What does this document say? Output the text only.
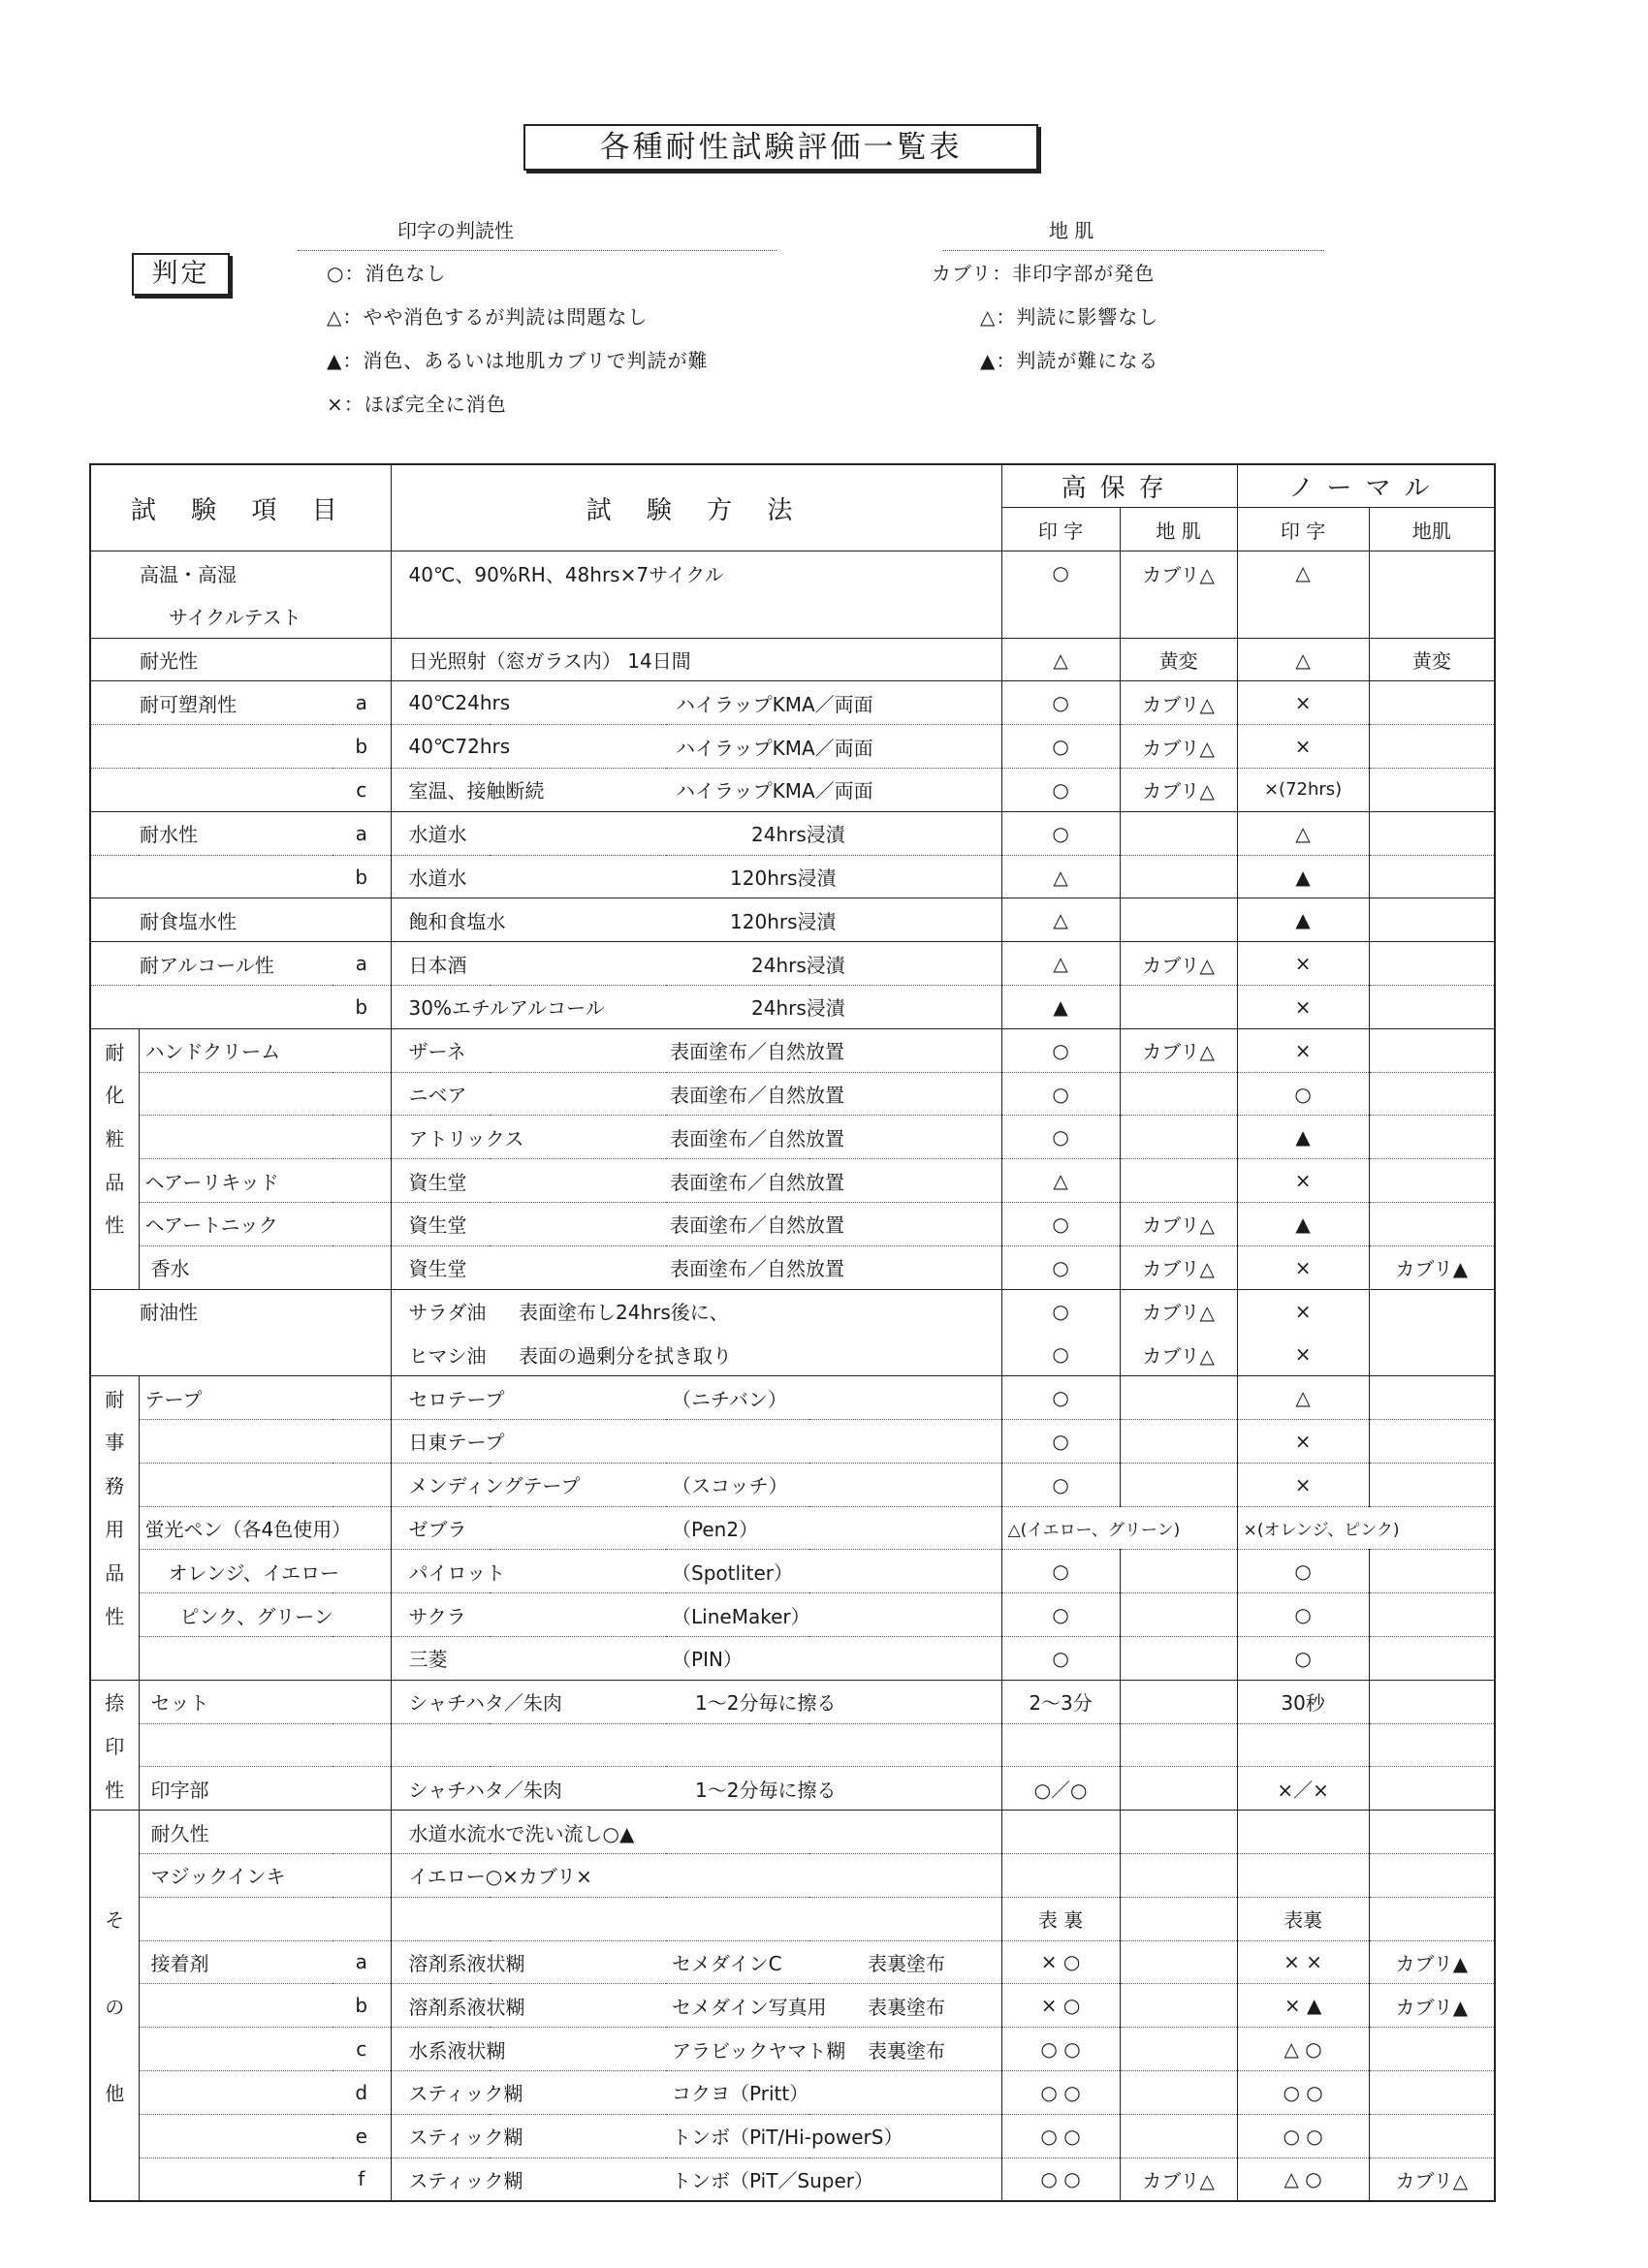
各種耐性試験評価一覧表
印字の判読性	地 肌
判定	○：消色なし
△：やや消色するが判読は問題なし
▲：消色、あるいは地肌カブリで判読が難
×：ほぼ完全に消色
カブリ：非印字部が発色
△：判読に影響なし
▲：判読が難になる
試 験 項 目			試 験 方 法				高保存		ノーマル	
							印 字	地 肌	印 字	地肌
高温・高湿			40℃、90%RH、48hrs×7サイクル				○	カブリ△	△	
サイクルテスト										
耐光性			日光照射（窓ガラス内） 14日間				△	黄変	△	黄変
耐可塑剤性		a	40℃24hrs		ハイラップKMA／両面		○	カブリ△	×	
		b	40℃72hrs		ハイラップKMA／両面		○	カブリ△	×	
		c	室温、接触断続		ハイラップKMA／両面		○	カブリ△	×(72hrs)	
耐水性		a	水道水		24hrs浸漬		○		△	
		b	水道水		120hrs浸漬		△		▲	
耐食塩水性			飽和食塩水		120hrs浸漬		△		▲	
耐アルコール性		a	日本酒		24hrs浸漬		△	カブリ△	×	
		b	30%エチルアルコール		24hrs浸漬		▲		×	
耐	ハンドクリーム		ザーネ		表面塗布／自然放置		○	カブリ△	×	
化			ニベア		表面塗布／自然放置		○		○	
粧			アトリックス		表面塗布／自然放置		○		▲	
品	ヘアーリキッド		資生堂		表面塗布／自然放置		△		×	
性	ヘアートニック		資生堂		表面塗布／自然放置		○	カブリ△	▲	
	香水		資生堂		表面塗布／自然放置		○	カブリ△	×	カブリ▲
耐油性			サラダ油	表面塗布し24hrs後に、			○	カブリ△	×	
			ヒマシ油	表面の過剰分を拭き取り			○	カブリ△	×	
耐	テープ		セロテープ		（ニチバン）		○		△	
事			日東テープ				○		×	
務			メンディングテープ		（スコッチ）		○		×	
用	蛍光ペン（各4色使用）		ゼブラ		（Pen2）		△(イエロー、グリーン)		×(オレンジ、ピンク)	
品	オレンジ、イエロー		パイロット		（Spotliter）		○		○	
性	ピンク、グリーン		サクラ		（LineMaker）		○		○	
			三菱		（PIN）		○		○	
捺	セット		シャチハタ／朱肉		1～2分毎に擦る		2～3分		30秒	
印										
性	印字部		シャチハタ／朱肉		1～2分毎に擦る		○／○		×／×	
	耐久性		水道水流水で洗い流し○▲							
	マジックインキ		イエロー○×カブリ×							
そ							表 裏		表裏	
	接着剤	a	溶剤系液状糊		セメダインC	表裏塗布	× ○		× ×	カブリ▲
の		b	溶剤系液状糊		セメダイン写真用	表裏塗布	× ○		× ▲	カブリ▲
		c	水系液状糊		アラビックヤマト糊	表裏塗布	○ ○		△ ○	
他		d	スティック糊		コクヨ（Pritt）		○ ○		○ ○	
		e	スティック糊		トンボ（PiT/Hi-powerS）		○ ○		○ ○	
		f	スティック糊		トンボ（PiT／Super）		○ ○	カブリ△	△ ○	カブリ△
